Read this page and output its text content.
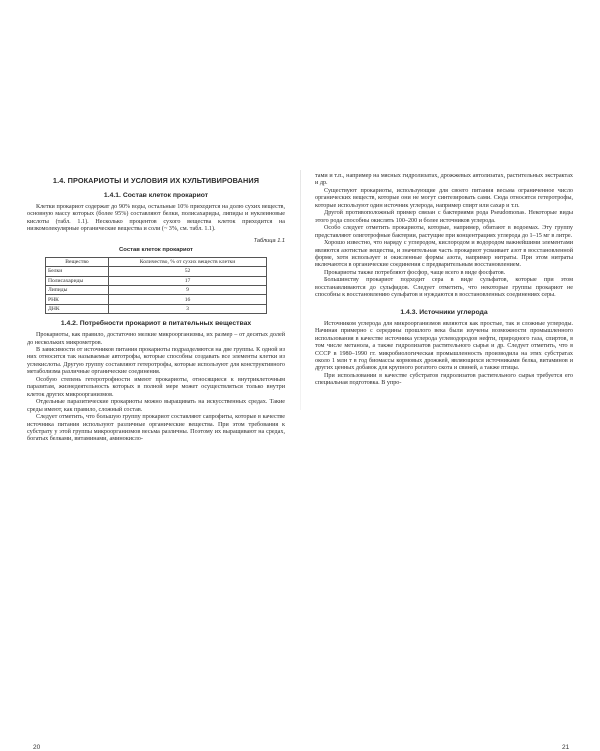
1.4. ПРОКАРИОТЫ И УСЛОВИЯ ИХ КУЛЬТИВИРОВАНИЯ
1.4.1. Состав клеток прокариот

Клетки прокариот содержат до 90% воды, остальные 10% приходится на долю сухих веществ, основную массу которых (более 95%) составляют белки, полисахариды, липиды и нуклеиновые кислоты (табл. 1.1). Несколько процентов сухого вещества клеток приходится на низкомолекулярные органические вещества и соли (~ 3%, см. табл. 1.1).

Таблица 1.1
Состав клеток прокариот
Вещество	Количество, % от сухих веществ клетки
Белки	52
Полисахариды	17
Липиды	9
РНК	16
ДНК	3
1.4.2. Потребности прокариот в питательных веществах

Прокариоты, как правило, достаточно мелкие микроорганизмы, их размер – от десятых долей до нескольких микрометров.

В зависимости от источников питания прокариоты подразделяются на две группы. К одной из них относится так называемые автотрофы, которые способны создавать все элементы клетки из углекислоты. Другую группу составляют гетеротрофы, которые используют для конструктивного метаболизма различные органические соединения.

Особую степень гетеротрофности имеют прокариоты, относящиеся к внутриклеточным паразитам, жизнедеятельность которых в полной мере может осуществляться только внутри клеток других микроорганизмов.

Отдельные паразитические прокариоты можно выращивать на искусственных средах. Такие среды имеют, как правило, сложный состав.

Следует отметить, что большую группу прокариот составляют сапрофиты, которые в качестве источника питания используют различные органические вещества. При этом требования к субстрату у этой группы микроорганизмов весьма различны. Поэтому их выращивают на средах, богатых белками, витаминами, аминокисло-

20

тами и т.п., например на мясных гидролизатах, дрожжевых автолизатах, растительных экстрактах и др.

Существуют прокариоты, использующие для своего питания весьма ограниченное число органических веществ, которые они не могут синтезировать сами. Сюда относятся гетеротрофы, которые используют один источник углерода, например спирт или сахар и т.п.

Другой противоположный пример связан с бактериями рода Pseudomonas. Некоторые виды этого рода способны окислять 100–200 и более источников углерода.

Особо следует отметить прокариоты, которые, например, обитают в водоемах. Эту группу представляют олиготрофные бактерии, растущие при концентрациях углерода до 1–15 мг в литре.

Хорошо известно, что наряду с углеродом, кислородом и водородом важнейшими элементами являются азотистые вещества, и значительная часть прокариот усваивает азот в восстановленной форме, хотя использует и окисленные формы азота, например нитраты. При этом нитраты включаются в органические соединения с предварительным восстановлением.

Прокариоты также потребляют фосфор, чаще всего в виде фосфатов.

Большинству прокариот подходит сера в виде сульфатов, которые при этом восстанавливаются до сульфидов. Следует отметить, что некоторые группы прокариот не способны к восстановлению сульфатов и нуждаются в восстановленных соединениях серы.

1.4.3. Источники углерода

Источником углерода для микроорганизмов являются как простые, так и сложные углероды. Начиная примерно с середины прошлого века были изучены возможности промышленного использования в качестве источника углерода углеводородов нефти, природного газа, спиртов, в том числе метанола, а также гидролизатов растительного сырья и др. Следует отметить, что в СССР в 1980–1990 гг. микробиологическая промышленность производила на этих субстратах около 1 млн т в год биомассы кормовых дрожжей, являющихся источниками белка, витаминов и других ценных добавок для крупного рогатого скота и свиней, а также птицы.

При использовании в качестве субстратов гидролизатов растительного сырья требуется его специальная подготовка. В упро-

21
